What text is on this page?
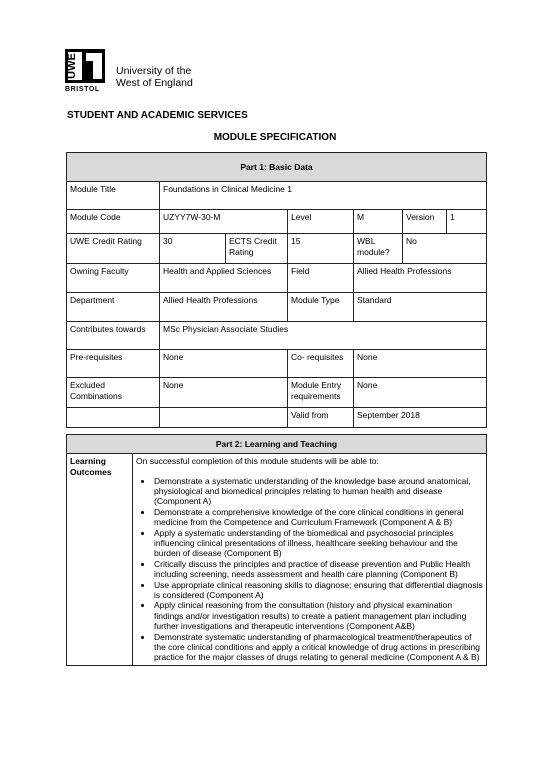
UWE	University of the
West of England
BRISTOL
STUDENT AND ACADEMIC SERVICES
MODULE SPECIFICATION
Part 1: Basic Data						
Module Title	Foundations in Clinical Medicine 1					
Module Code	UZYY7W-30-M		Level	M	Version	1
UWE Credit Rating	30	ECTS Credit Rating	15	WBL module?	No	
Owning Faculty	Health and Applied Sciences		Field	Allied Health Professions		
Department	Allied Health Professions		Module Type	Standard		
Contributes towards	MSc Physician Associate Studies					
Pre-requisites	None		Co- requisites	None		
Excluded Combinations	None		Module Entry requirements	None		
			Valid from	September 2018		
Part 2: Learning and Teaching
Learning Outcomes	
On successful completion of this module students will be able to:
• Demonstrate a systematic understanding of the knowledge base around anatomical, physiological and biomedical principles relating to human health and disease (Component A)
• Demonstrate a comprehensive knowledge of the core clinical conditions in general medicine from the Competence and Curriculum Framework (Component A & B)
• Apply a systematic understanding of the biomedical and psychosocial principles influencing clinical presentations of illness, healthcare seeking behaviour and the burden of disease (Component B)
• Critically discuss the principles and practice of disease prevention and Public Health including screening, needs assessment and health care planning (Component B)
• Use appropriate clinical reasoning skills to diagnose; ensuring that differential diagnosis is considered (Component A)
• Apply clinical reasoning from the consultation (history and physical examination findings and/or investigation results) to create a patient management plan including further investigations and therapeutic interventions (Component A&B)
• Demonstrate systematic understanding of pharmacological treatment/therapeutics of the core clinical conditions and apply a critical knowledge of drug actions in prescribing practice for the major classes of drugs relating to general medicine (Component A & B)
